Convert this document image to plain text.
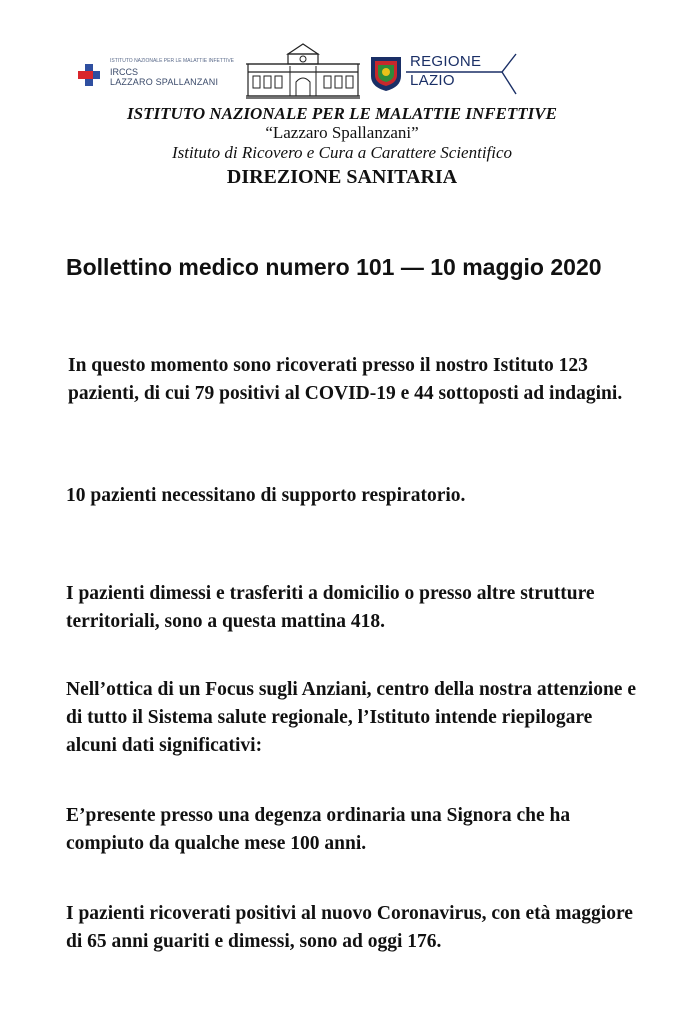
ISTITUTO NAZIONALE PER LE MALATTIE INFETTIVE
IRCCS
LAZZARO SPALLANZANI
REGIONE
LAZIO

ISTITUTO NAZIONALE PER LE MALATTIE INFETTIVE

“Lazzaro Spallanzani”

Istituto di Ricovero e Cura a Carattere Scientifico

DIREZIONE SANITARIA

Bollettino medico numero 101 — 10 maggio 2020

In questo momento sono ricoverati presso il nostro Istituto 123 pazienti, di cui 79 positivi al COVID-19 e 44 sottoposti ad indagini.

10 pazienti necessitano di supporto respiratorio.

I pazienti dimessi e trasferiti a domicilio o presso altre strutture territoriali, sono a questa mattina 418.

Nell’ottica di un Focus sugli Anziani, centro della nostra attenzione e di tutto il Sistema salute regionale, l’Istituto intende riepilogare alcuni dati significativi:

E’presente presso una degenza ordinaria una Signora che ha compiuto da qualche mese 100 anni.

I pazienti ricoverati positivi al nuovo Coronavirus, con età maggiore di 65 anni guariti e dimessi, sono ad oggi 176.
